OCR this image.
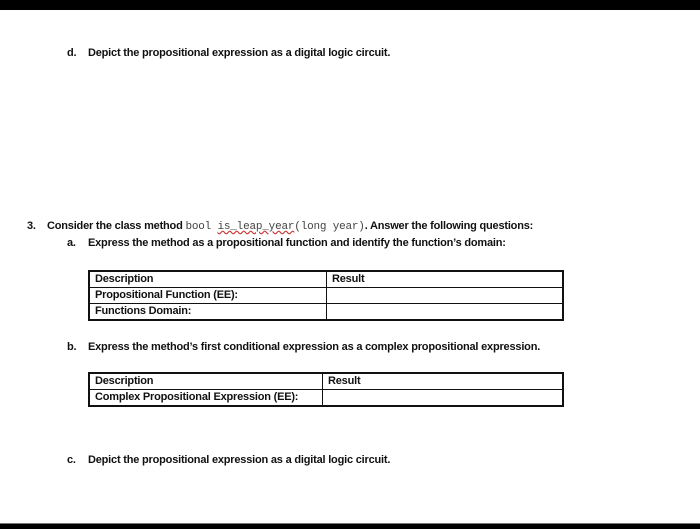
d. Depict the propositional expression as a digital logic circuit.
3. Consider the class method bool is_leap_year(long year). Answer the following questions:
a. Express the method as a propositional function and identify the function’s domain:
Description	Result
Propositional Function (EE):	
Functions Domain:	
b. Express the method’s first conditional expression as a complex propositional expression.
Description	Result
Complex Propositional Expression (EE):	
c. Depict the propositional expression as a digital logic circuit.
